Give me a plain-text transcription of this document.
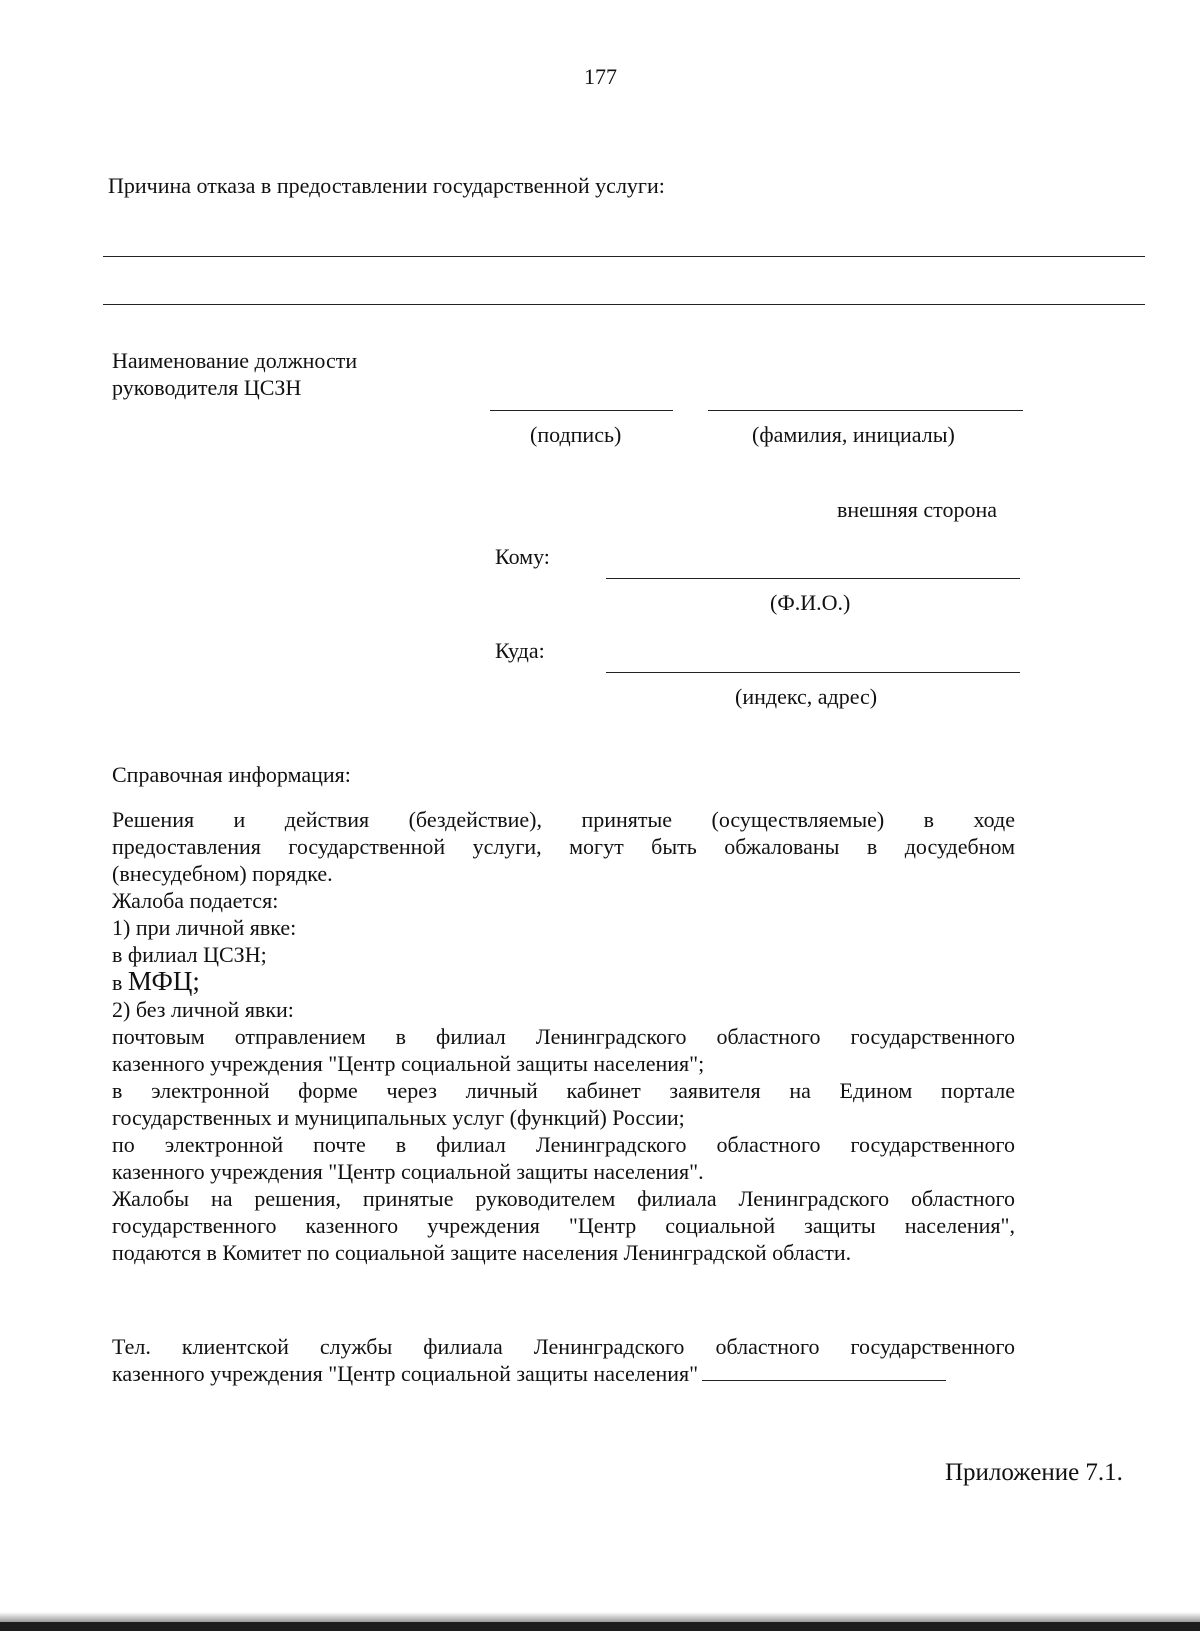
177
Причина отказа в предоставлении государственной услуги:
Наименование должности
руководителя ЦСЗН
(подпись)	(фамилия, инициалы)
внешняя сторона
Кому:
(Ф.И.О.)
Куда:
(индекс, адрес)
Справочная информация:
Решения и действия (бездействие), принятые (осуществляемые) в ходе
предоставления государственной услуги, могут быть обжалованы в досудебном
(внесудебном) порядке.
Жалоба подается:
1) при личной явке:
в филиал ЦСЗН;
в МФЦ;
2) без личной явки:
почтовым отправлением в филиал Ленинградского областного государственного
казенного учреждения "Центр социальной защиты населения";
в электронной форме через личный кабинет заявителя на Едином портале
государственных и муниципальных услуг (функций) России;
по электронной почте в филиал Ленинградского областного государственного
казенного учреждения "Центр социальной защиты населения".
Жалобы на решения, принятые руководителем филиала Ленинградского областного
государственного казенного учреждения "Центр социальной защиты населения",
подаются в Комитет по социальной защите населения Ленинградской области.
Тел. клиентской службы филиала Ленинградского областного государственного
казенного учреждения "Центр социальной защиты населения"
Приложение 7.1.
